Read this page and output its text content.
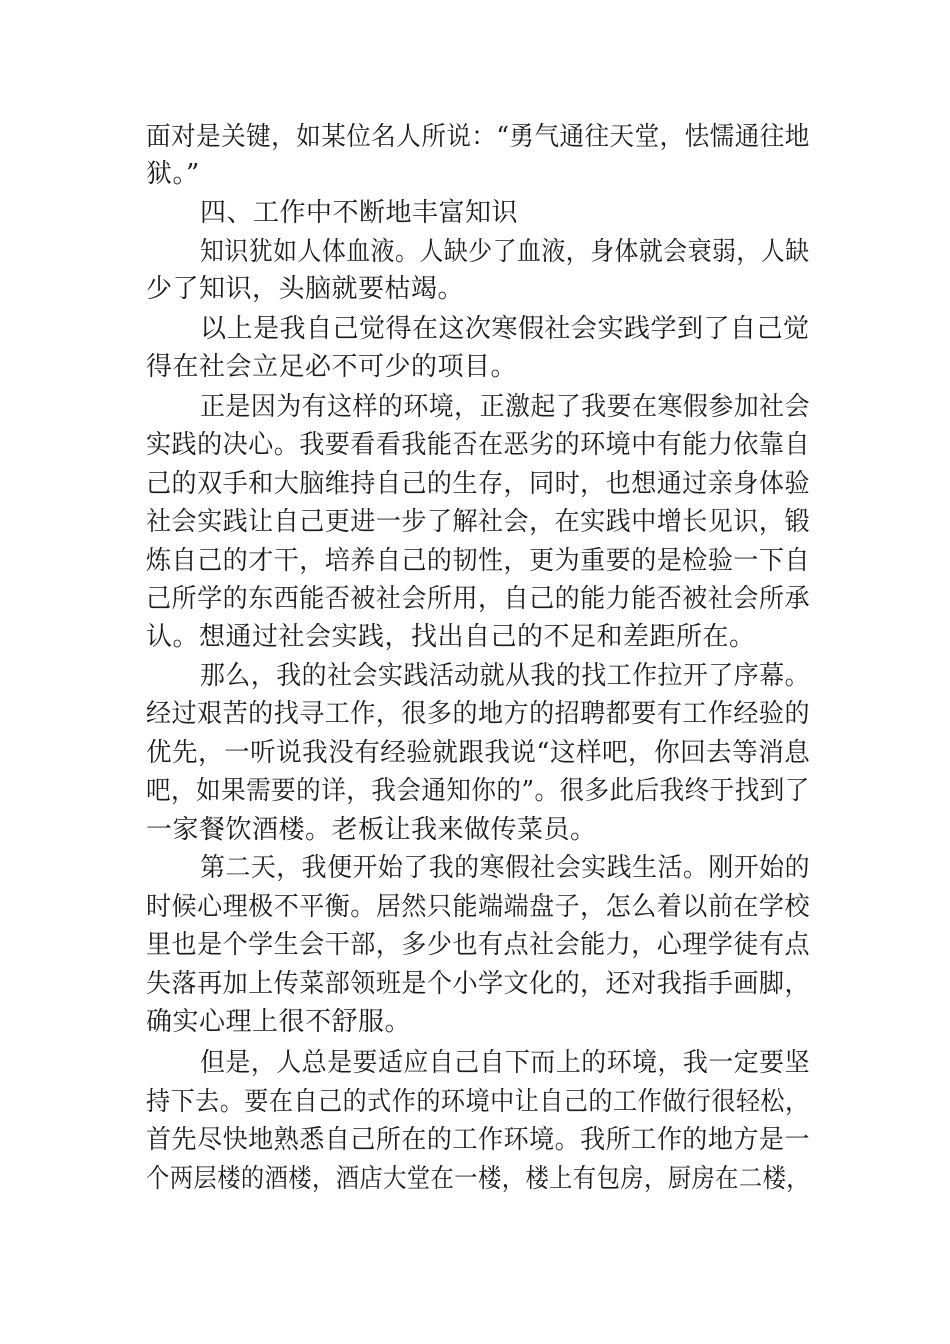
面对是关键，如某位名人所说：“勇气通往天堂，怯懦通往地
狱。”
四、工作中不断地丰富知识
知识犹如人体血液。人缺少了血液，身体就会衰弱，人缺
少了知识，头脑就要枯竭。
以上是我自己觉得在这次寒假社会实践学到了自己觉
得在社会立足必不可少的项目。
正是因为有这样的环境，正激起了我要在寒假参加社会
实践的决心。我要看看我能否在恶劣的环境中有能力依靠自
己的双手和大脑维持自己的生存，同时，也想通过亲身体验
社会实践让自己更进一步了解社会，在实践中增长见识，锻
炼自己的才干，培养自己的韧性，更为重要的是检验一下自
己所学的东西能否被社会所用，自己的能力能否被社会所承
认。想通过社会实践，找出自己的不足和差距所在。
那么，我的社会实践活动就从我的找工作拉开了序幕。
经过艰苦的找寻工作，很多的地方的招聘都要有工作经验的
优先，一听说我没有经验就跟我说“这样吧，你回去等消息
吧，如果需要的详，我会通知你的”。很多此后我终于找到了
一家餐饮酒楼。老板让我来做传菜员。
第二天，我便开始了我的寒假社会实践生活。刚开始的
时候心理极不平衡。居然只能端端盘子，怎么着以前在学校
里也是个学生会干部，多少也有点社会能力，心理学徒有点
失落再加上传菜部领班是个小学文化的，还对我指手画脚，
确实心理上很不舒服。
但是，人总是要适应自己自下而上的环境，我一定要坚
持下去。要在自己的式作的环境中让自己的工作做行很轻松，
首先尽快地熟悉自己所在的工作环境。我所工作的地方是一
个两层楼的酒楼，酒店大堂在一楼，楼上有包房，厨房在二楼，
